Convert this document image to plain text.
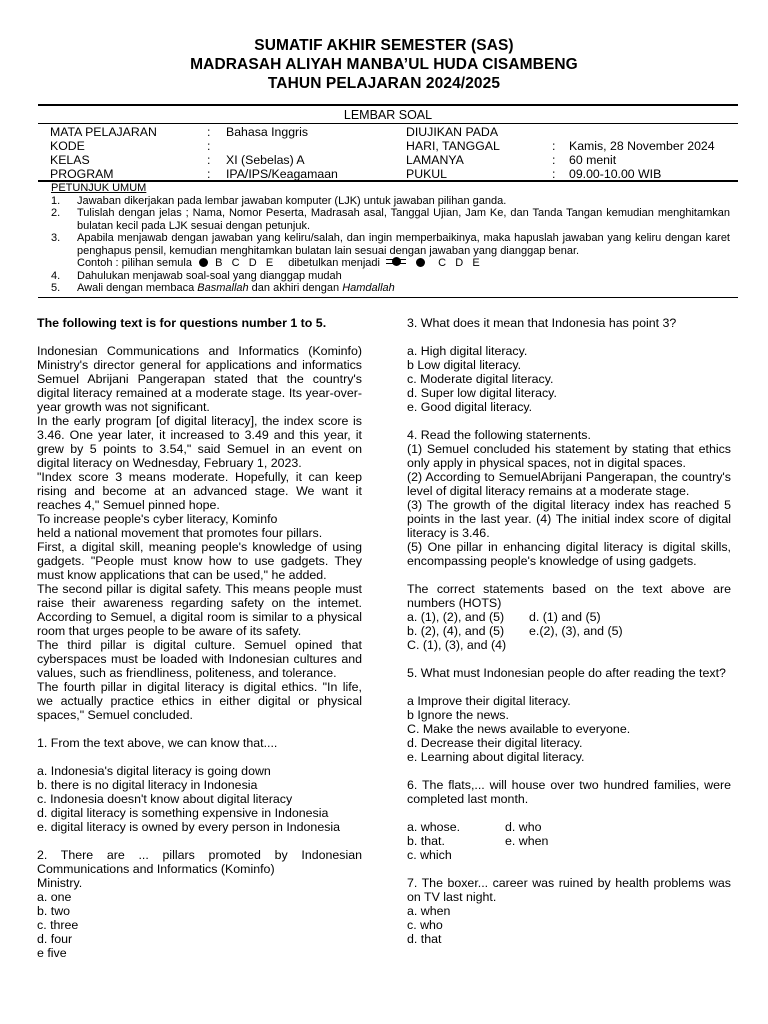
SUMATIF AKHIR SEMESTER (SAS)
MADRASAH ALIYAH MANBA’UL HUDA CISAMBENG
TAHUN PELAJARAN 2024/2025
LEMBAR SOAL
MATA PELAJARAN	: Bahasa Inggris	DIUJIKAN PADA
KODE	:	HARI, TANGGAL	: Kamis, 28 November 2024
KELAS	: XI (Sebelas) A	LAMANYA	: 60 menit
PROGRAM	: IPA/IPS/Keagamaan	PUKUL	: 09.00-10.00 WIB
PETUNJUK UMUM
1. Jawaban dikerjakan pada lembar jawaban komputer (LJK) untuk jawaban pilihan ganda.
2. Tulislah dengan jelas ; Nama, Nomor Peserta, Madrasah asal, Tanggal Ujian, Jam Ke, dan Tanda Tangan kemudian menghitamkan bulatan kecil pada LJK sesuai dengan petunjuk.
3. Apabila menjawab dengan jawaban yang keliru/salah, dan ingin memperbaikinya, maka hapuslah jawaban yang keliru dengan karet penghapus pensil, kemudian menghitamkan bulatan lain sesuai dengan jawaban yang dianggap benar.
Contoh : pilihan semula B   C   D   E dibetulkan menjadi	C   D   E
4. Dahulukan menjawab soal-soal yang dianggap mudah
5. Awali dengan membaca Basmallah dan akhiri dengan Hamdallah

The following text is for questions number 1 to 5.

Indonesian Communications and Informatics (Kominfo) Ministry's director general for applications and informatics Semuel Abrijani Pangerapan stated that the country's digital literacy remained at a moderate stage. Its year-over-year growth was not significant.

In the early program [of digital literacy], the index score is 3.46. One year later, it increased to 3.49 and this year, it grew by 5 points to 3.54," said Semuel in an event on digital literacy on Wednesday, February 1, 2023.

"Index score 3 means moderate. Hopefully, it can keep rising and become at an advanced stage. We want it reaches 4," Semuel pinned hope.

To increase people's cyber literacy, Kominfo

held a national movement that promotes four pillars.

First, a digital skill, meaning people's knowledge of using gadgets. "People must know how to use gadgets. They must know applications that can be used," he added.

The second pillar is digital safety. This means people must raise their awareness regarding safety on the intemet. According to Semuel, a digital room is similar to a physical room that urges people to be aware of its safety.

The third pillar is digital culture. Semuel opined that cyberspaces must be loaded with Indonesian cultures and values, such as friendliness, politeness, and tolerance.

The fourth pillar in digital literacy is digital ethics. "In life, we actually practice ethics in either digital or physical spaces," Semuel concluded.

1. From the text above, we can know that....

a. Indonesia's digital literacy is going down

b. there is no digital literacy in Indonesia

c. Indonesia doesn't know about digital literacy

d. digital literacy is something expensive in Indonesia

e. digital literacy is owned by every person in Indonesia

2. There are ... pillars promoted by Indonesian Communications and Informatics (Kominfo)

Ministry.

a. one

b. two

c. three

d. four

e five

3. What does it mean that Indonesia has point 3?

a. High digital literacy.

b Low digital literacy.

c. Moderate digital literacy.

d. Super low digital literacy.

e. Good digital literacy.

4. Read the following staternents.

(1) Semuel concluded his statement by stating that ethics only apply in physical spaces, not in digital spaces.

(2) According to SemuelAbrijani Pangerapan, the country's level of digital literacy remains at a moderate stage.

(3) The growth of the digital literacy index has reached 5 points in the last year. (4) The initial index score of digital literacy is 3.46.

(5) One pillar in enhancing digital literacy is digital skills, encompassing people's knowledge of using gadgets.

The correct statements based on the text above are numbers (HOTS)

a. (1), (2), and (5) d. (1) and (5)
b. (2), (4), and (5) e.(2), (3), and (5)

C. (1), (3), and (4)

5. What must Indonesian people do after reading the text?

a Improve their digital literacy.

b Ignore the news.

C. Make the news available to everyone.

d. Decrease their digital literacy.

e. Learning about digital literacy.

6. The flats,... will house over two hundred families, were completed last month.

a. whose.	d. who
b. that.	e. when

c. which

7. The boxer... career was ruined by health problems was on TV last night.

a. when

c. who

d. that
